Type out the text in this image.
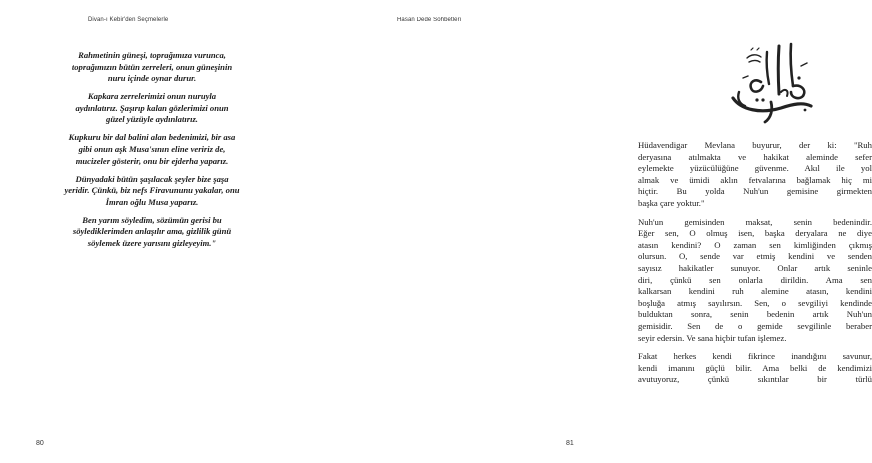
Divan-ı Kebir'den Seçmelerle

Rahmetinin güneşi, toprağımıza vurunca,
toprağımızın bütün zerreleri, onun güneşinin
nuru içinde oynar durur.

Kapkara zerrelerimizi onun nuruyla
aydınlatırız. Şaşırıp kalan gözlerimizi onun
güzel yüzüyle aydınlatırız.

Kupkuru bir dal balini alan bedenimizi, bir asa
gibi onun aşk Musa'sının eline veririz de,
mucizeler gösterir, onu bir ejderha yaparız.

Dünyadaki bütün şaşılacak şeyler bize şaşa
yeridir. Çünkü, biz nefs Firavununu yakalar, onu
İmran oğlu Musa yaparız.

Ben yarım söyledim, sözümün gerisi bu
söylediklerimden anlaşılır ama, gizlilik günü
söylemek üzere yarısını gizleyeyim."

80
Hasan Dede Sohbetleri

Hüdavendigar Mevlana buyurur, der ki: "Ruh
deryasına atılmakta ve hakikat aleminde sefer
eylemekte yüzücülüğüne güvenme. Akıl ile yol
almak ve ümidi aklın fetvalarına bağlamak hiç mi
hiçtir. Bu yolda Nuh'un gemisine girmekten
başka çare yoktur."

Nuh'un gemisinden maksat, senin bedenindir.
Eğer sen, O olmuş isen, başka deryalara ne diye
atasın kendini? O zaman sen kimliğinden çıkmış
olursun. O, sende var etmiş kendini ve senden
sayısız hakikatler sunuyor. Onlar artık seninle
diri, çünkü sen onlarla dirildin. Ama sen
kalkarsan kendini ruh alemine atasın, kendini
boşluğa atmış sayılırsın. Sen, o sevgiliyi kendinde
bulduktan sonra, senin bedenin artık Nuh'un
gemisidir. Sen de o gemide sevgilinle beraber
seyir edersin. Ve sana hiçbir tufan işlemez.

Fakat herkes kendi fikrince inandığını savunur,
kendi imanını güçlü bilir. Ama belki de kendimizi
avutuyoruz, çünkü sıkıntılar bir türlü

81
